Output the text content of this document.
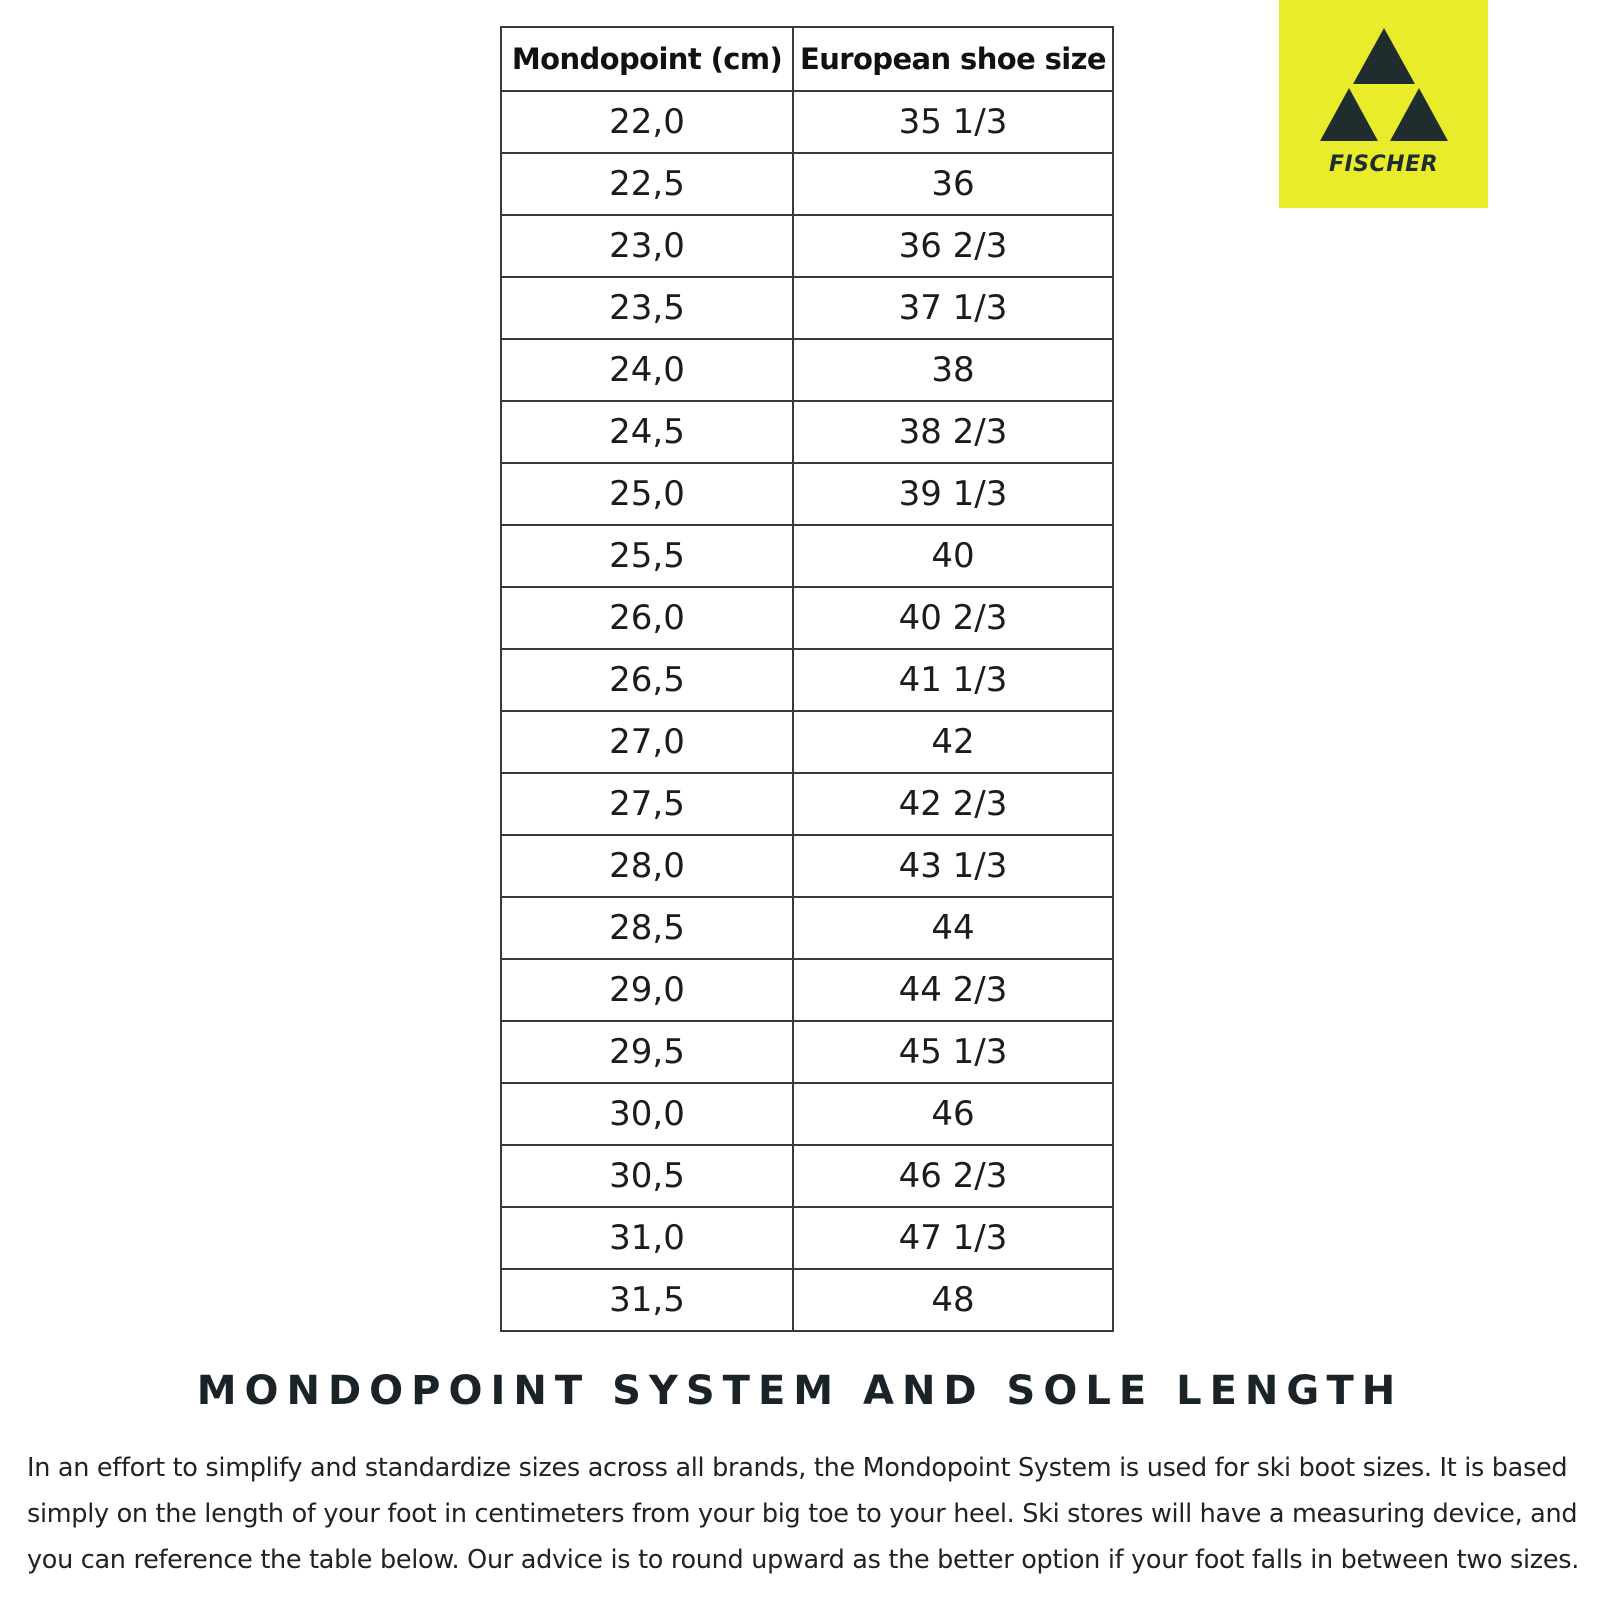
Mondopoint (cm)	European shoe size
22,0	35 1/3
22,5	36
23,0	36 2/3
23,5	37 1/3
24,0	38
24,5	38 2/3
25,0	39 1/3
25,5	40
26,0	40 2/3
26,5	41 1/3
27,0	42
27,5	42 2/3
28,0	43 1/3
28,5	44
29,0	44 2/3
29,5	45 1/3
30,0	46
30,5	46 2/3
31,0	47 1/3
31,5	48
FISCHER
MONDOPOINT SYSTEM AND SOLE LENGTH

In an effort to simplify and standardize sizes across all brands, the Mondopoint System is used for ski boot sizes. It is based simply on the length of your foot in centimeters from your big toe to your heel. Ski stores will have a measuring device, and you can reference the table below. Our advice is to round upward as the better option if your foot falls in between two sizes.
